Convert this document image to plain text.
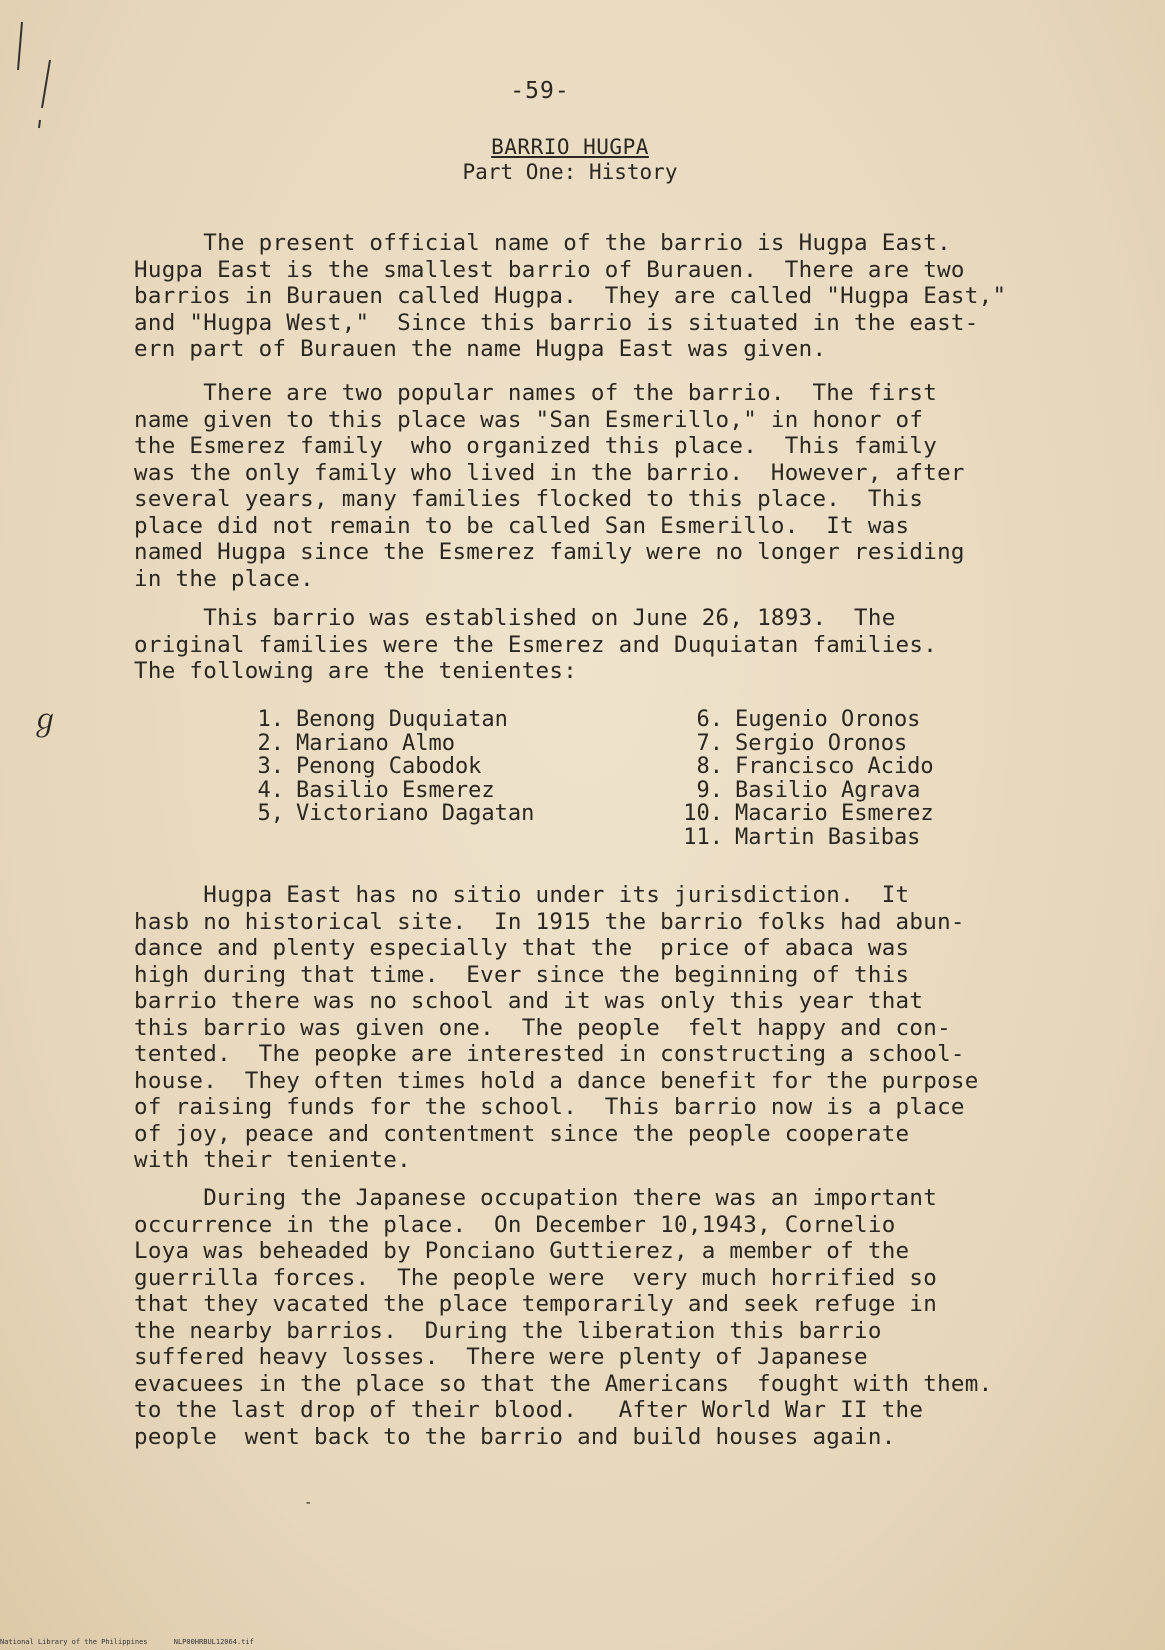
ℊ
-59-
BARRIO HUGPA
Part One: History
The present official name of the barrio is Hugpa East.
Hugpa East is the smallest barrio of Burauen.  There are two
barrios in Burauen called Hugpa.  They are called "Hugpa East,"
and "Hugpa West,"  Since this barrio is situated in the east-
ern part of Burauen the name Hugpa East was given.
There are two popular names of the barrio.  The first
name given to this place was "San Esmerillo," in honor of
the Esmerez family  who organized this place.  This family
was the only family who lived in the barrio.  However, after
several years, many families flocked to this place.  This
place did not remain to be called San Esmerillo.  It was
named Hugpa since the Esmerez family were no longer residing
in the place.
This barrio was established on June 26, 1893.  The
original families were the Esmerez and Duquiatan families.
The following are the tenientes:
1. Benong Duquiatan
2. Mariano Almo
3. Penong Cabodok
4. Basilio Esmerez
5, Victoriano Dagatan
6. Eugenio Oronos
7. Sergio Oronos
8. Francisco Acido
9. Basilio Agrava
10. Macario Esmerez
11. Martin Basibas
Hugpa East has no sitio under its jurisdiction.  It
hasb no historical site.  In 1915 the barrio folks had abun-
dance and plenty especially that the  price of abaca was
high during that time.  Ever since the beginning of this
barrio there was no school and it was only this year that
this barrio was given one.  The people  felt happy and con-
tented.  The peopke are interested in constructing a school-
house.  They often times hold a dance benefit for the purpose
of raising funds for the school.  This barrio now is a place
of joy, peace and contentment since the people cooperate
with their teniente.
During the Japanese occupation there was an important
occurrence in the place.  On December 10,1943, Cornelio
Loya was beheaded by Ponciano Guttierez, a member of the
guerrilla forces.  The people were  very much horrified so
that they vacated the place temporarily and seek refuge in
the nearby barrios.  During the liberation this barrio
suffered heavy losses.  There were plenty of Japanese
evacuees in the place so that the Americans  fought with them.
to the last drop of their blood.   After World War II the
people  went back to the barrio and build houses again.
-
National Library of the Philippines	NLP00HRBUL12064.tif
